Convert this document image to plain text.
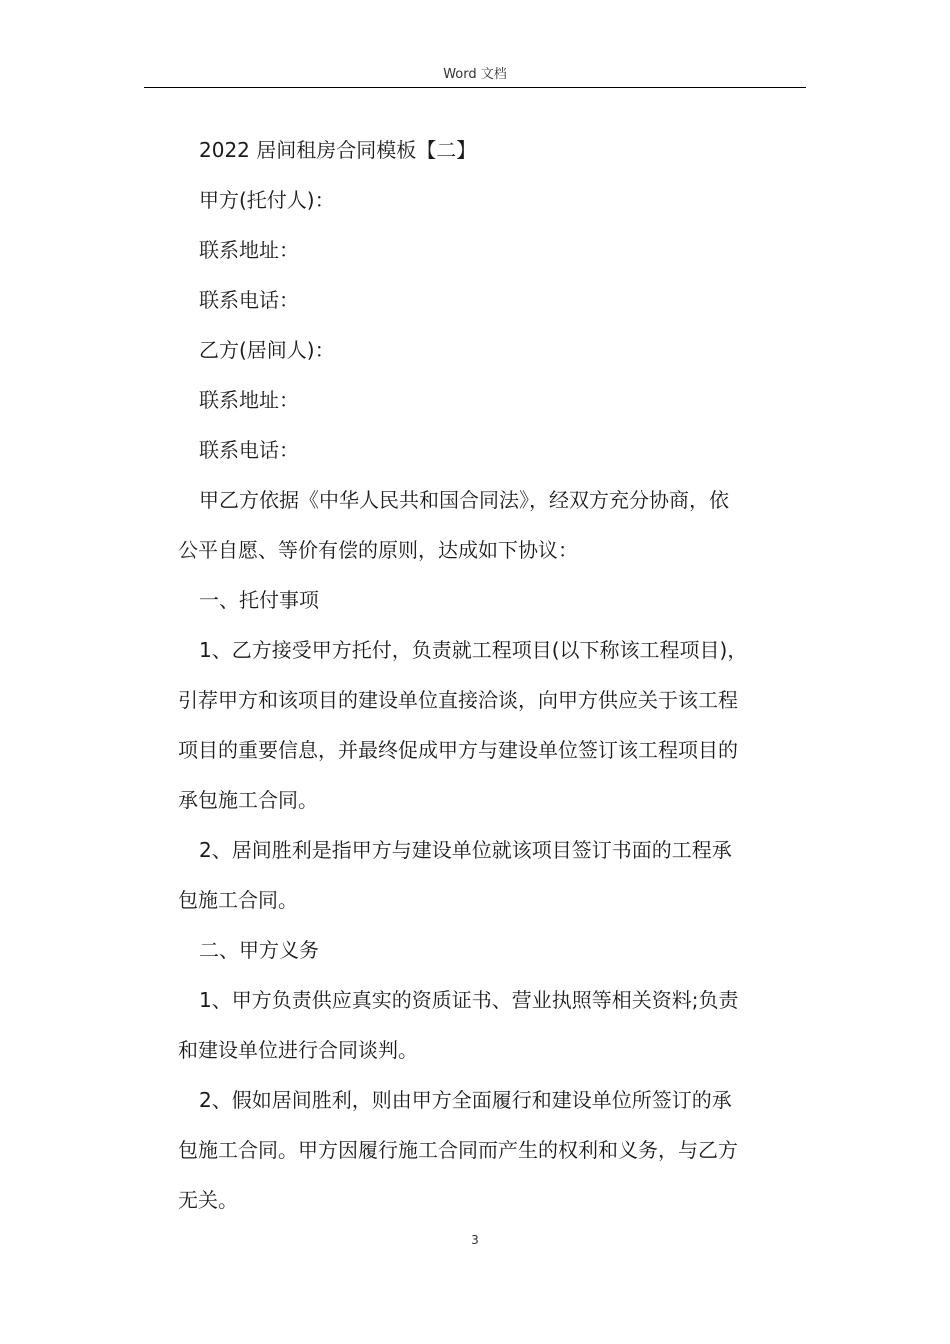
Word 文档

2022 居间租房合同模板【二】

甲方(托付人)：

联系地址：

联系电话：

乙方(居间人)：

联系地址：

联系电话：

甲乙方依据《中华人民共和国合同法》，经双方充分协商，依

公平自愿、等价有偿的原则，达成如下协议：

一、托付事项

1、乙方接受甲方托付，负责就工程项目(以下称该工程项目)，

引荐甲方和该项目的建设单位直接洽谈，向甲方供应关于该工程

项目的重要信息，并最终促成甲方与建设单位签订该工程项目的

承包施工合同。

2、居间胜利是指甲方与建设单位就该项目签订书面的工程承

包施工合同。

二、甲方义务

1、甲方负责供应真实的资质证书、营业执照等相关资料;负责

和建设单位进行合同谈判。

2、假如居间胜利，则由甲方全面履行和建设单位所签订的承

包施工合同。甲方因履行施工合同而产生的权利和义务，与乙方

无关。

3
